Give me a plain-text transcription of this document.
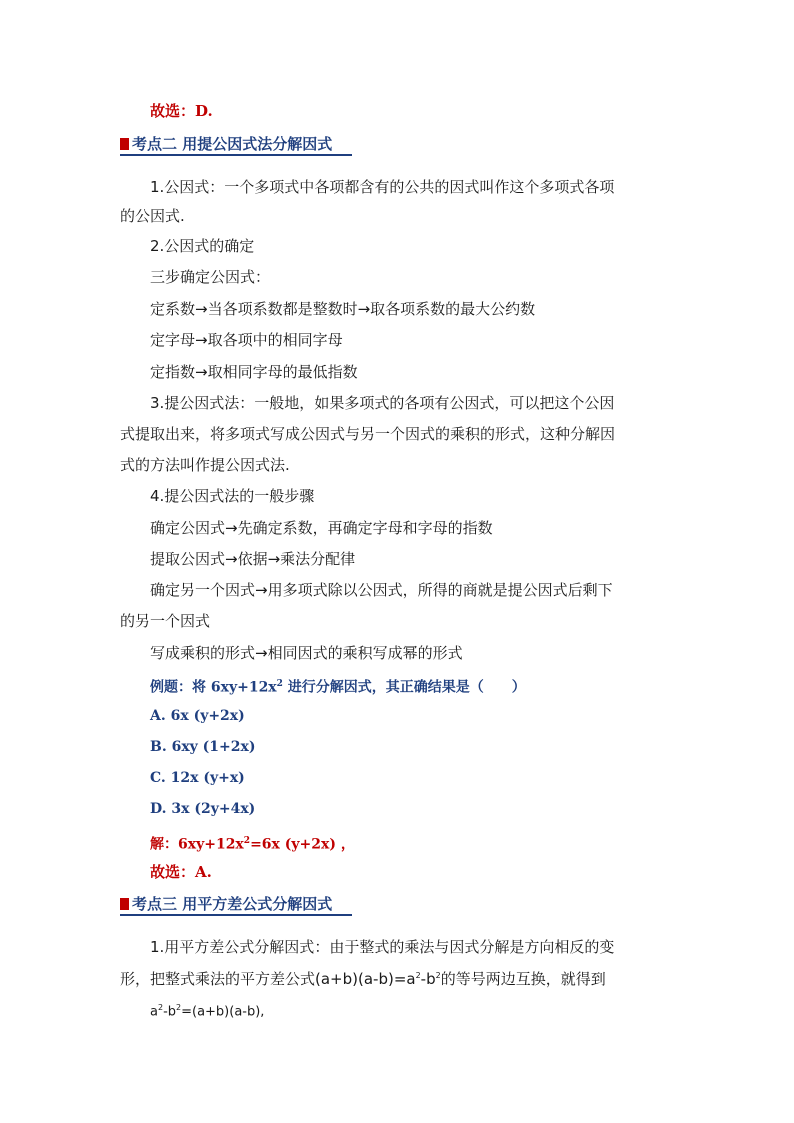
故选：D.
考点二 用提公因式法分解因式
1.公因式：一个多项式中各项都含有的公共的因式叫作这个多项式各项
的公因式.
2.公因式的确定
三步确定公因式：
定系数→当各项系数都是整数时→取各项系数的最大公约数
定字母→取各项中的相同字母
定指数→取相同字母的最低指数
3.提公因式法：一般地，如果多项式的各项有公因式，可以把这个公因
式提取出来，将多项式写成公因式与另一个因式的乘积的形式，这种分解因
式的方法叫作提公因式法.
4.提公因式法的一般步骤
确定公因式→先确定系数，再确定字母和字母的指数
提取公因式→依据→乘法分配律
确定另一个因式→用多项式除以公因式，所得的商就是提公因式后剩下
的另一个因式
写成乘积的形式→相同因式的乘积写成幂的形式
例题：将 $6xy+12x^2$ 进行分解因式，其正确结果是（　　）
A. 6x (y+2x)
B. 6xy (1+2x)
C. 12x (y+x)
D. 3x (2y+4x)
解：$6xy+12x^2=6x$ (y+2x) ，
故选：A.
考点三 用平方差公式分解因式
1.用平方差公式分解因式：由于整式的乘法与因式分解是方向相反的变
形，把整式乘法的平方差公式$(a+b)(a-b)=a^2-b^2$的等号两边互换，就得到
$a^2-b^2=(a+b)(a-b)$,
